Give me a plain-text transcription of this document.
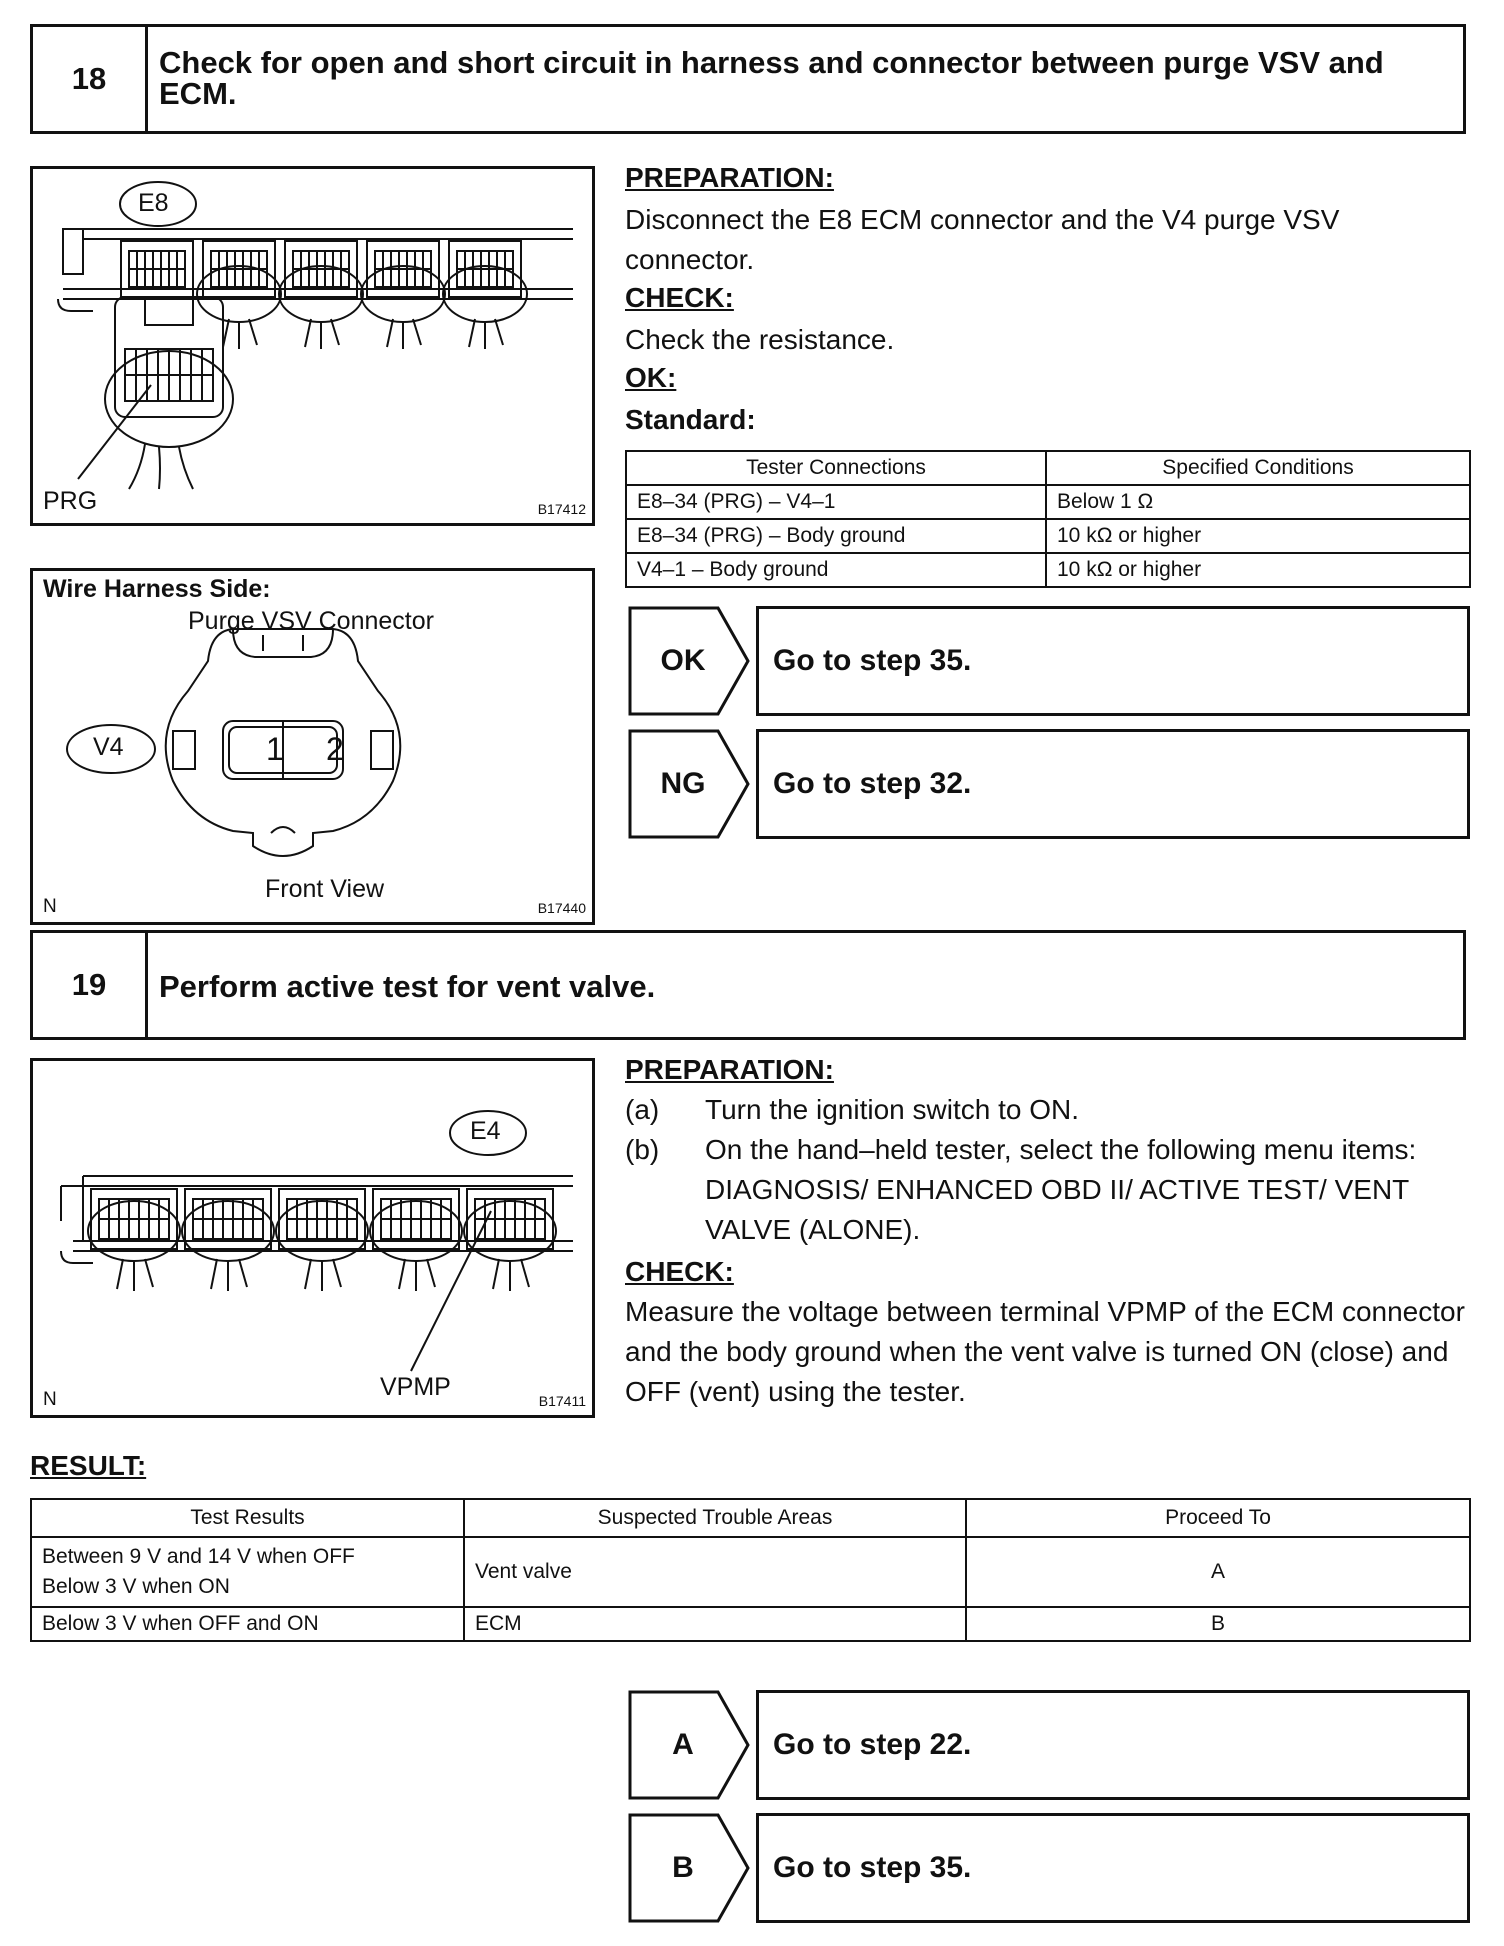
18	Check for open and short circuit in harness and connector between purge VSV and ECM.
E8
PRG	B17412
Wire Harness Side:
Purge VSV Connector
V4	1 2
Front View
N	B17440
PREPARATION:
Disconnect the E8 ECM connector and the V4 purge VSV connector.
CHECK:
Check the resistance.
OK:
Standard:
Tester Connections	Specified Conditions
E8–34 (PRG) – V4–1	Below 1 Ω
E8–34 (PRG) – Body ground	10 kΩ or higher
V4–1 – Body ground	10 kΩ or higher
OK	Go to step 35.
NG	Go to step 32.
19	Perform active test for vent valve.
E4
VPMP
N	B17411
PREPARATION:
(a) Turn the ignition switch to ON.
(b) On the hand–held tester, select the following menu items: DIAGNOSIS/ ENHANCED OBD II/ ACTIVE TEST/ VENT VALVE (ALONE).
CHECK:
Measure the voltage between terminal VPMP of the ECM connector and the body ground when the vent valve is turned ON (close) and OFF (vent) using the tester.
RESULT:
Test Results	Suspected Trouble Areas	Proceed To

Between 9 V and 14 V when OFF
Below 3 V when ON	Vent valve	A

Below 3 V when OFF and ON	ECM	B
A	Go to step 22.
B	Go to step 35.
